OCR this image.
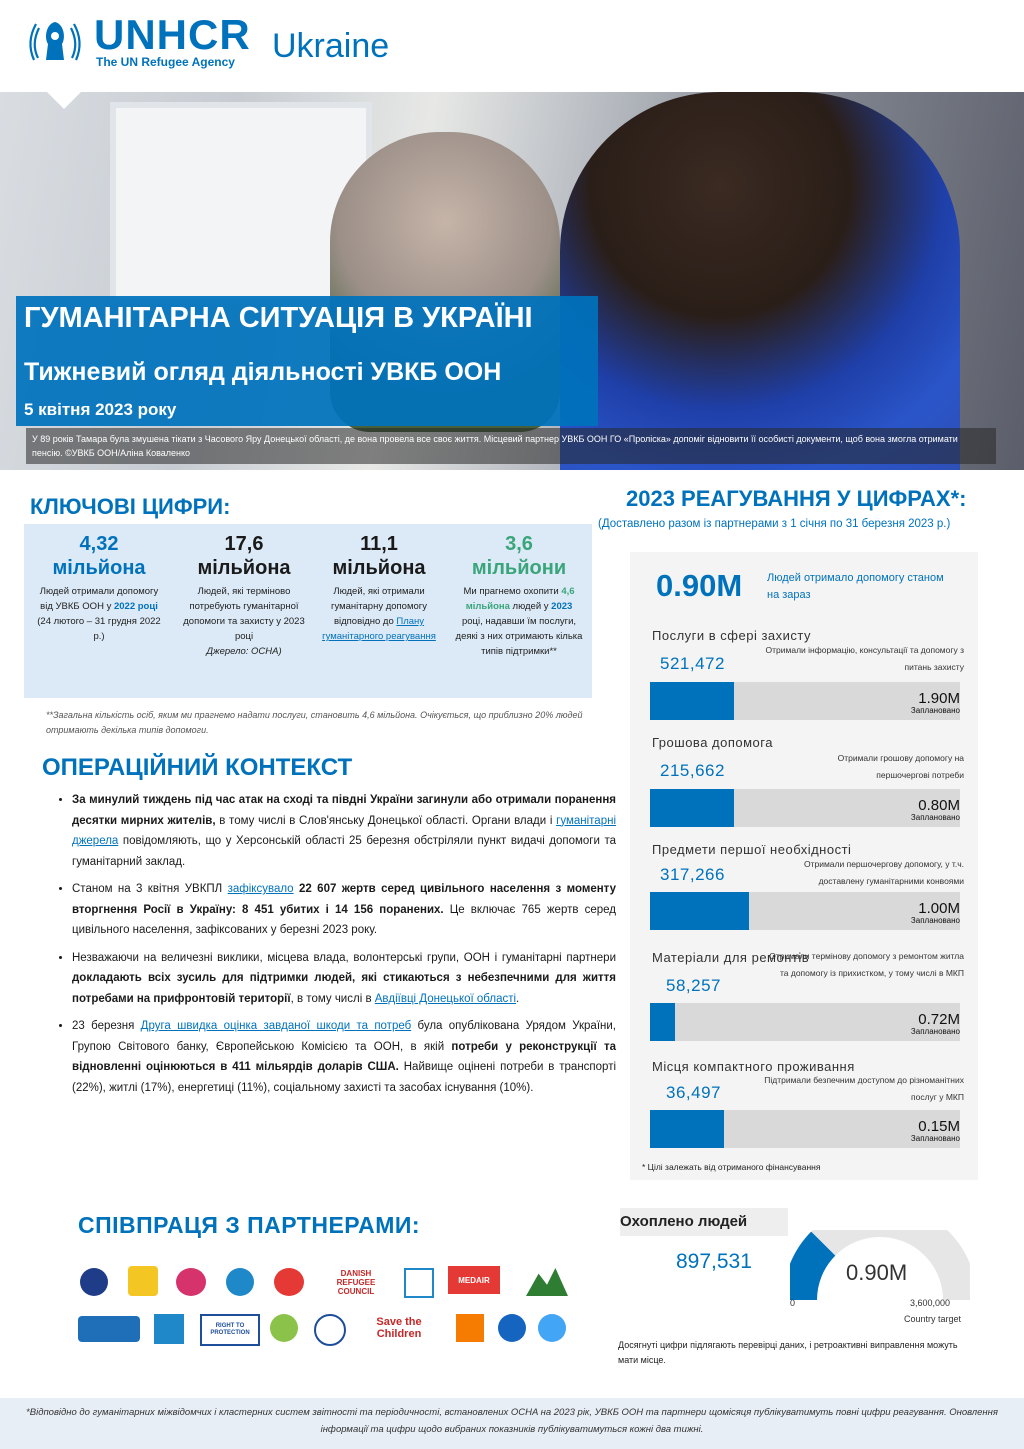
UNHCR
The UN Refugee Agency Ukraine
ГУМАНІТАРНА СИТУАЦІЯ В УКРАЇНІ
Тижневий огляд діяльності УВКБ ООН
5 квітня 2023 року
У 89 років Тамара була змушена тікати з Часового Яру Донецької області, де вона провела все своє життя. Місцевий партнер УВКБ ООН ГО «Проліска» допоміг відновити її особисті документи, щоб вона змогла отримати пенсію. ©УВКБ ООН/Аліна Коваленко
КЛЮЧОВІ ЦИФРИ:
4,32
мільйона
Людей отримали допомогу від УВКБ ООН у 2022 році (24 лютого – 31 грудня 2022 р.)
17,6
мільйона
Людей, які терміново потребують гуманітарної допомоги та захисту у 2023 році
Джерело: OCHA)
11,1
мільйона
Людей, які отримали гуманітарну допомогу відповідно до Плану гуманітарного реагування
3,6
мільйони
Ми прагнемо охопити 4,6 мільйона людей у 2023 році, надавши їм послуги, деякі з них отримають кілька типів підтримки**
**Загальна кількість осіб, яким ми прагнемо надати послуги, становить 4,6 мільйона. Очікується, що приблизно 20% людей отримають декілька типів допомоги.
ОПЕРАЦІЙНИЙ КОНТЕКСТ
• За минулий тиждень під час атак на сході та півдні України загинули або отримали поранення десятки мирних жителів, в тому числі в Слов'янську Донецької області. Органи влади і гуманітарні джерела повідомляють, що у Херсонській області 25 березня обстріляли пункт видачі допомоги та гуманітарний заклад.
• Станом на 3 квітня УВКПЛ зафіксувало 22 607 жертв серед цивільного населення з моменту вторгнення Росії в Україну: 8 451 убитих і 14 156 поранених. Це включає 765 жертв серед цивільного населення, зафіксованих у березні 2023 року.
• Незважаючи на величезні виклики, місцева влада, волонтерські групи, ООН і гуманітарні партнери докладають всіх зусиль для підтримки людей, які стикаються з небезпечними для життя потребами на прифронтовій території, в тому числі в Авдіївці Донецької області.
• 23 березня Друга швидка оцінка завданої шкоди та потреб була опублікована Урядом України, Групою Світового банку, Європейською Комісією та ООН, в якій потреби у реконструкції та відновленні оцінюються в 411 мільярдів доларів США. Найвище оцінені потреби в транспорті (22%), житлі (17%), енергетиці (11%), соціальному захисті та засобах існування (10%).
СПІВПРАЦЯ З ПАРТНЕРАМИ:
DANISH REFUGEE COUNCIL
MEDAIR
RIGHT TO PROTECTION
Save the Children
2023 РЕАГУВАННЯ У ЦИФРАХ*:
(Доставлено разом із партнерами з 1 січня по 31 березня 2023 р.)
0.90M Людей отримало допомогу станом на зараз
Послуги в сфері захисту
521,472
Отримали інформацію, консультації та допомогу з питань захисту
1.90M
Заплановано
Грошова допомога
215,662
Отримали грошову допомогу на першочергові потреби
0.80M
Заплановано
Предмети першої необхідності
317,266
Отримали першочергову допомогу, у т.ч. доставлену гуманітарними конвоями
1.00M
Заплановано
Матеріали для ремонтів
58,257
Отримали термінову допомогу з ремонтом житла та допомогу із прихистком, у тому числі в МКП
0.72M
Заплановано
Місця компактного проживання
36,497
Підтримали безпечним доступом до різноманітних послуг у МКП
0.15M
Заплановано
* Цілі залежать від отриманого фінансування
Охоплено людей
897,531	0.90M
0	3,600,000
Country target
Досягнуті цифри підлягають перевірці даних, і ретроактивні виправлення можуть мати місце.
*Відповідно до гуманітарних міжвідомчих і кластерних систем звітності та періодичності, встановлених OCHA на 2023 рік, УВКБ ООН та партнери щомісяця публікуватимуть повні цифри реагування. Оновлення інформації та цифри щодо вибраних показників публікуватимуться кожні два тижні.
